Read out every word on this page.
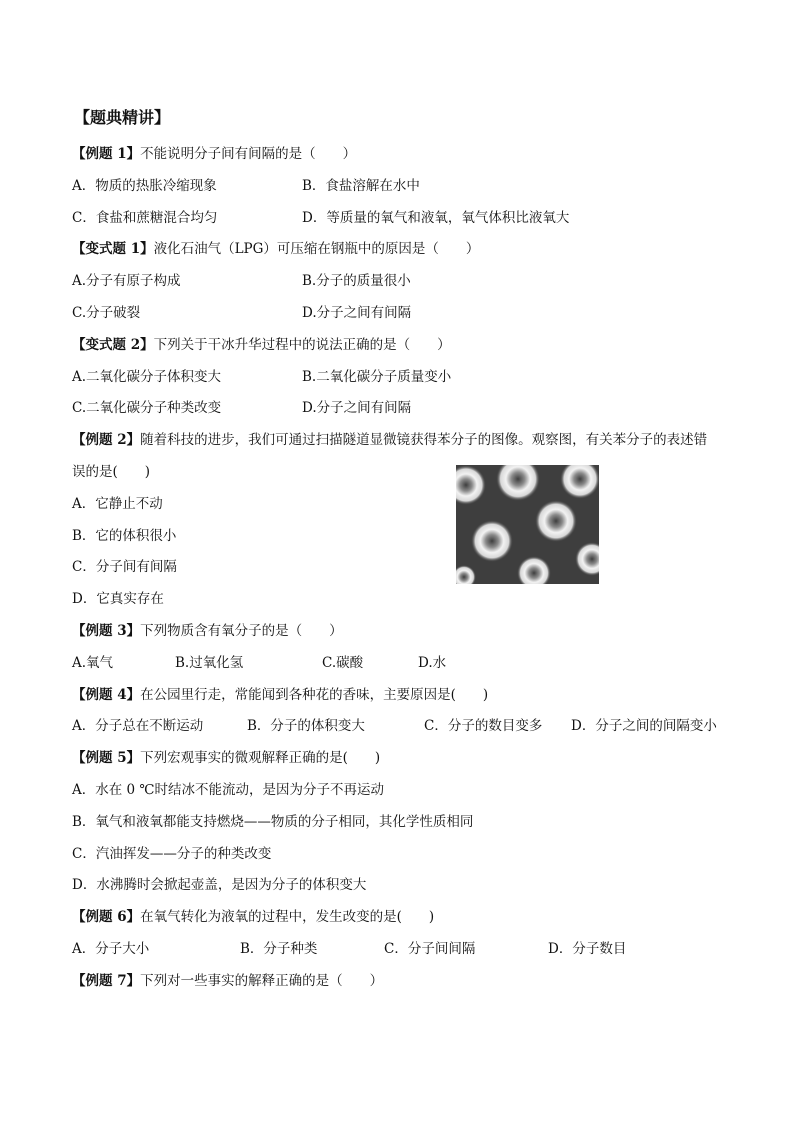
【题典精讲】
【例题 1】不能说明分子间有间隔的是（　　）
A．物质的热胀冷缩现象	B．食盐溶解在水中
C．食盐和蔗糖混合均匀	D．等质量的氧气和液氧，氧气体积比液氧大
【变式题 1】液化石油气（LPG）可压缩在钢瓶中的原因是（　　）
A.分子有原子构成	B.分子的质量很小
C.分子破裂	D.分子之间有间隔
【变式题 2】下列关于干冰升华过程中的说法正确的是（　　）
A.二氧化碳分子体积变大	B.二氧化碳分子质量变小
C.二氧化碳分子种类改变	D.分子之间有间隔
【例题 2】随着科技的进步，我们可通过扫描隧道显微镜获得苯分子的图像。观察图，有关苯分子的表述错
误的是(　　)
A．它静止不动
B．它的体积很小
C．分子间有间隔
D．它真实存在
【例题 3】下列物质含有氧分子的是（　　）
A.氧气	B.过氧化氢	C.碳酸	D.水
【例题 4】在公园里行走，常能闻到各种花的香味，主要原因是(　　)
A．分子总在不断运动	B．分子的体积变大	C．分子的数目变多 D．分子之间的间隔变小
【例题 5】下列宏观事实的微观解释正确的是(　　)
A．水在 0 ℃时结冰不能流动，是因为分子不再运动
B．氧气和液氧都能支持燃烧——物质的分子相同，其化学性质相同
C．汽油挥发——分子的种类改变
D．水沸腾时会掀起壶盖，是因为分子的体积变大
【例题 6】在氧气转化为液氧的过程中，发生改变的是(　　)
A．分子大小	B．分子种类	C．分子间间隔	D．分子数目
【例题 7】下列对一些事实的解释正确的是（　　）
